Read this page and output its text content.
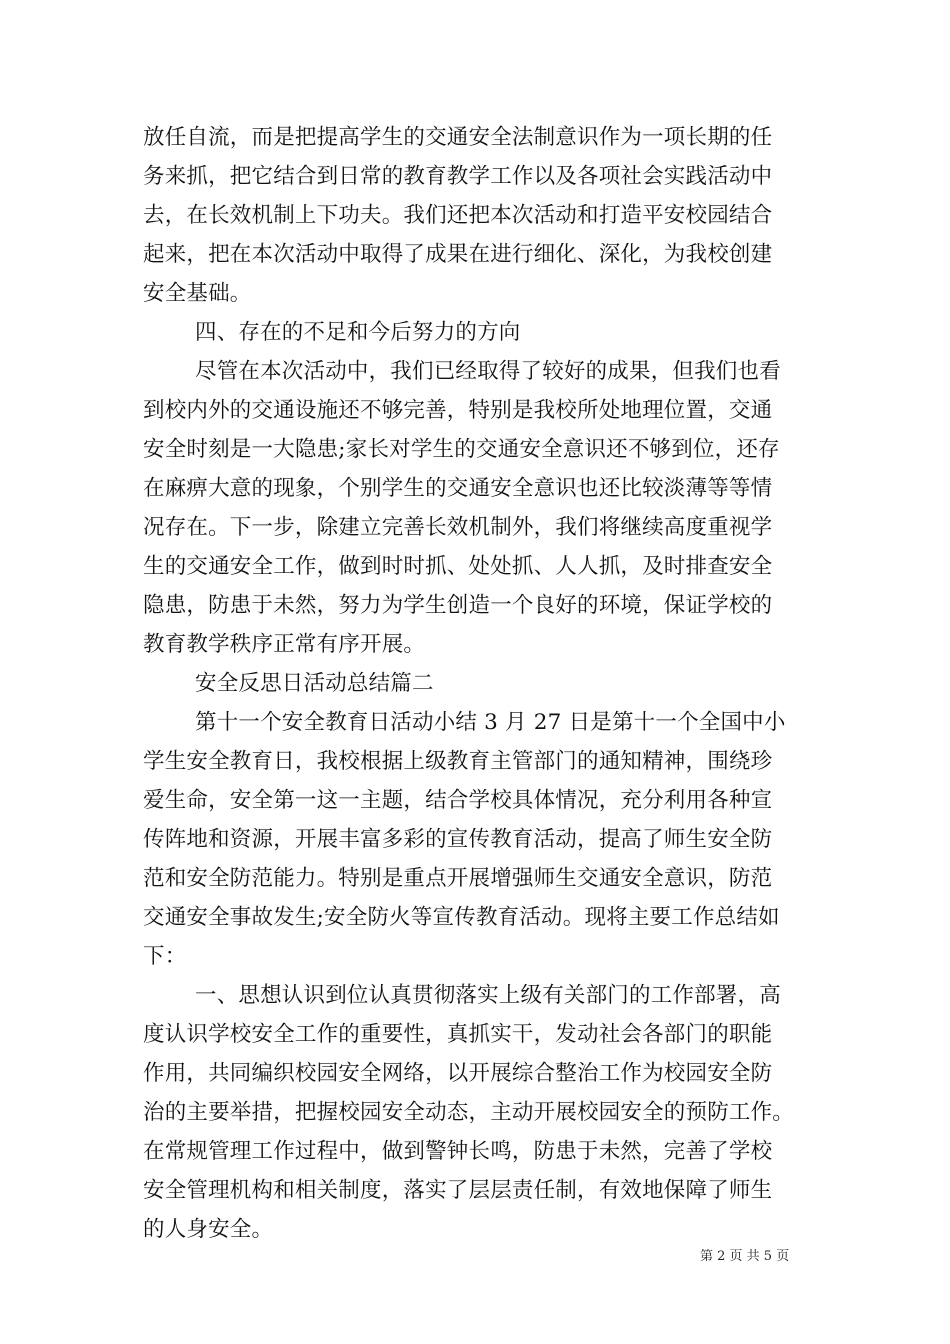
放任自流，而是把提高学生的交通安全法制意识作为一项长期的任
务来抓，把它结合到日常的教育教学工作以及各项社会实践活动中
去，在长效机制上下功夫。我们还把本次活动和打造平安校园结合
起来，把在本次活动中取得了成果在进行细化、深化，为我校创建
安全基础。
四、存在的不足和今后努力的方向
尽管在本次活动中，我们已经取得了较好的成果，但我们也看
到校内外的交通设施还不够完善，特别是我校所处地理位置，交通
安全时刻是一大隐患;家长对学生的交通安全意识还不够到位，还存
在麻痹大意的现象，个别学生的交通安全意识也还比较淡薄等等情
况存在。下一步，除建立完善长效机制外，我们将继续高度重视学
生的交通安全工作，做到时时抓、处处抓、人人抓，及时排查安全
隐患，防患于未然，努力为学生创造一个良好的环境，保证学校的
教育教学秩序正常有序开展。
安全反思日活动总结篇二
第十一个安全教育日活动小结 3 月 27 日是第十一个全国中小
学生安全教育日，我校根据上级教育主管部门的通知精神，围绕珍
爱生命，安全第一这一主题，结合学校具体情况，充分利用各种宣
传阵地和资源，开展丰富多彩的宣传教育活动，提高了师生安全防
范和安全防范能力。特别是重点开展增强师生交通安全意识，防范
交通安全事故发生;安全防火等宣传教育活动。现将主要工作总结如
下：
一、思想认识到位认真贯彻落实上级有关部门的工作部署，高
度认识学校安全工作的重要性，真抓实干，发动社会各部门的职能
作用，共同编织校园安全网络，以开展综合整治工作为校园安全防
治的主要举措，把握校园安全动态，主动开展校园安全的预防工作。
在常规管理工作过程中，做到警钟长鸣，防患于未然，完善了学校
安全管理机构和相关制度，落实了层层责任制，有效地保障了师生
的人身安全。
第 2 页 共 5 页
